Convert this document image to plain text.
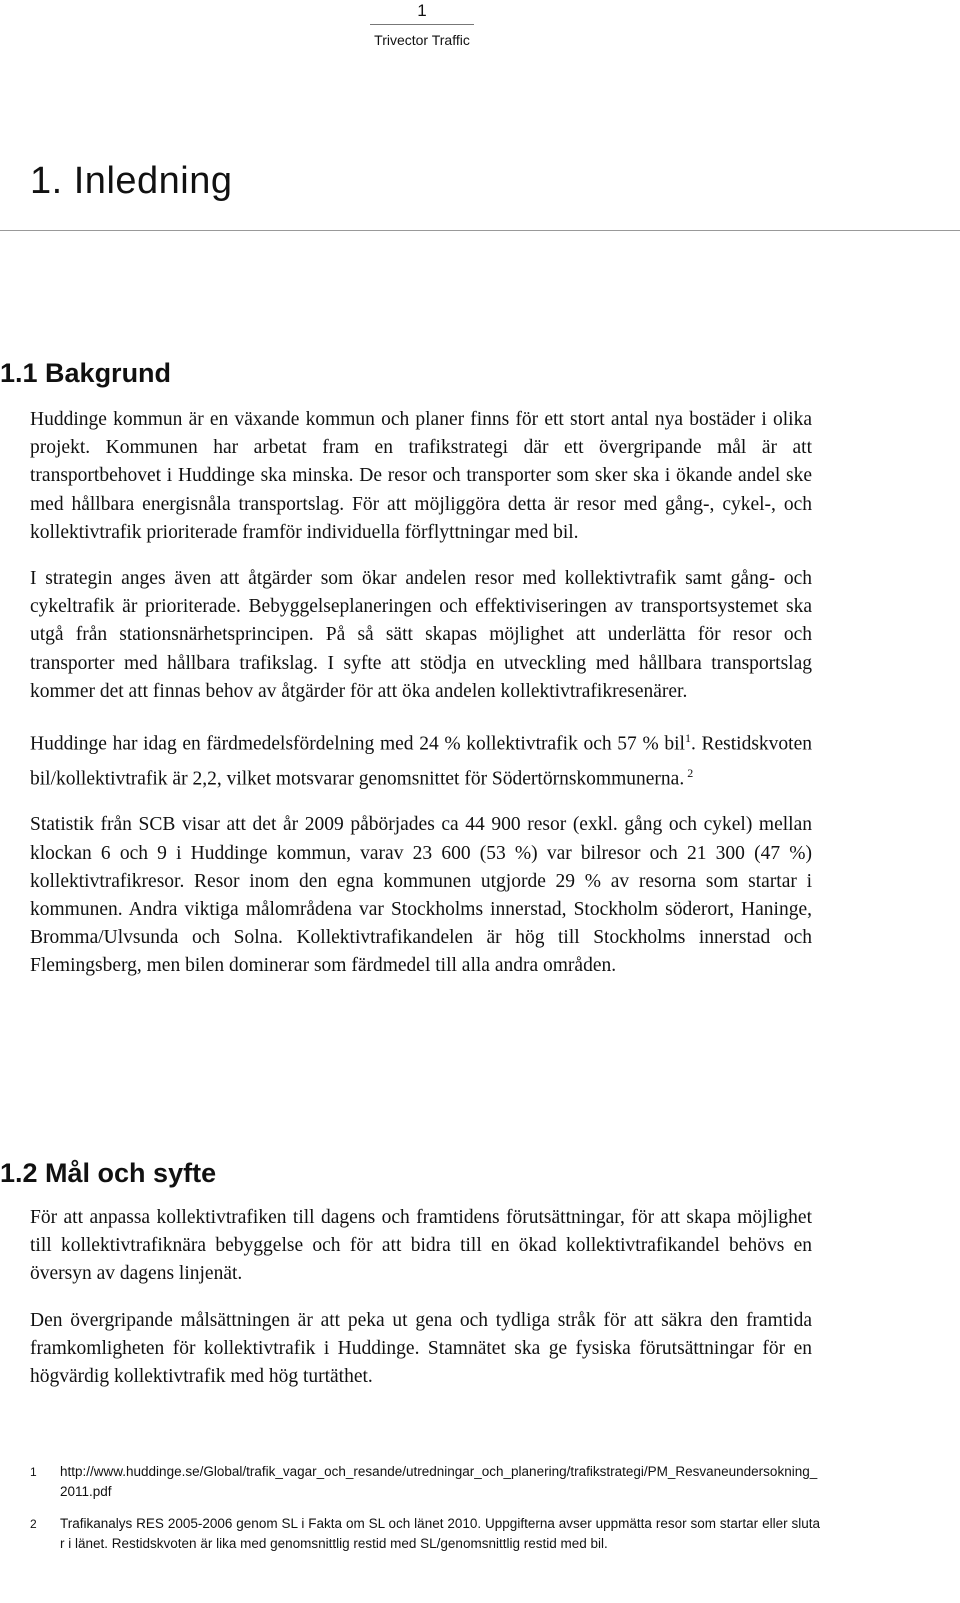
1
Trivector Traffic
1. Inledning
1.1 Bakgrund

Huddinge kommun är en växande kommun och planer finns för ett stort antal nya bostäder i olika projekt. Kommunen har arbetat fram en trafikstrategi där ett övergripande mål är att transportbehovet i Huddinge ska minska. De resor och transporter som sker ska i ökande andel ske med hållbara energisnåla transportslag. För att möjliggöra detta är resor med gång-, cykel-, och kollektivtrafik prioriterade framför individuella förflyttningar med bil.

I strategin anges även att åtgärder som ökar andelen resor med kollektivtrafik samt gång- och cykeltrafik är prioriterade. Bebyggelseplaneringen och effektiviseringen av transportsystemet ska utgå från stationsnärhetsprincipen. På så sätt skapas möjlighet att underlätta för resor och transporter med hållbara trafikslag. I syfte att stödja en utveckling med hållbara transportslag kommer det att finnas behov av åtgärder för att öka andelen kollektivtrafikresenärer.

Huddinge har idag en färdmedelsfördelning med 24 % kollektivtrafik och 57 % bil$^1$. Restidskvoten bil/kollektivtrafik är 2,2, vilket motsvarar genomsnittet för Södertörnskommunerna. $^2$

Statistik från SCB visar att det år 2009 påbörjades ca 44 900 resor (exkl. gång och cykel) mellan klockan 6 och 9 i Huddinge kommun, varav 23 600 (53 %) var bilresor och 21 300 (47 %) kollektivtrafikresor. Resor inom den egna kommunen utgjorde 29 % av resorna som startar i kommunen. Andra viktiga målområdena var Stockholms innerstad, Stockholm söderort, Haninge, Bromma/Ulvsunda och Solna. Kollektivtrafikandelen är hög till Stockholms innerstad och Flemingsberg, men bilen dominerar som färdmedel till alla andra områden.

1.2 Mål och syfte

För att anpassa kollektivtrafiken till dagens och framtidens förutsättningar, för att skapa möjlighet till kollektivtrafiknära bebyggelse och för att bidra till en ökad kollektivtrafikandel behövs en översyn av dagens linjenät.

Den övergripande målsättningen är att peka ut gena och tydliga stråk för att säkra den framtida framkomligheten för kollektivtrafik i Huddinge. Stamnätet ska ge fysiska förutsättningar för en högvärdig kollektivtrafik med hög turtäthet.

1	http://www.huddinge.se/Global/trafik_vagar_och_resande/utredningar_och_planering/trafikstrategi/PM_Resvaneundersokning_2011.pdf
2	Trafikanalys RES 2005-2006 genom SL i Fakta om SL och länet 2010. Uppgifterna avser uppmätta resor som startar eller slutar i länet. Restidskvoten är lika med genomsnittlig restid med SL/genomsnittlig restid med bil.
